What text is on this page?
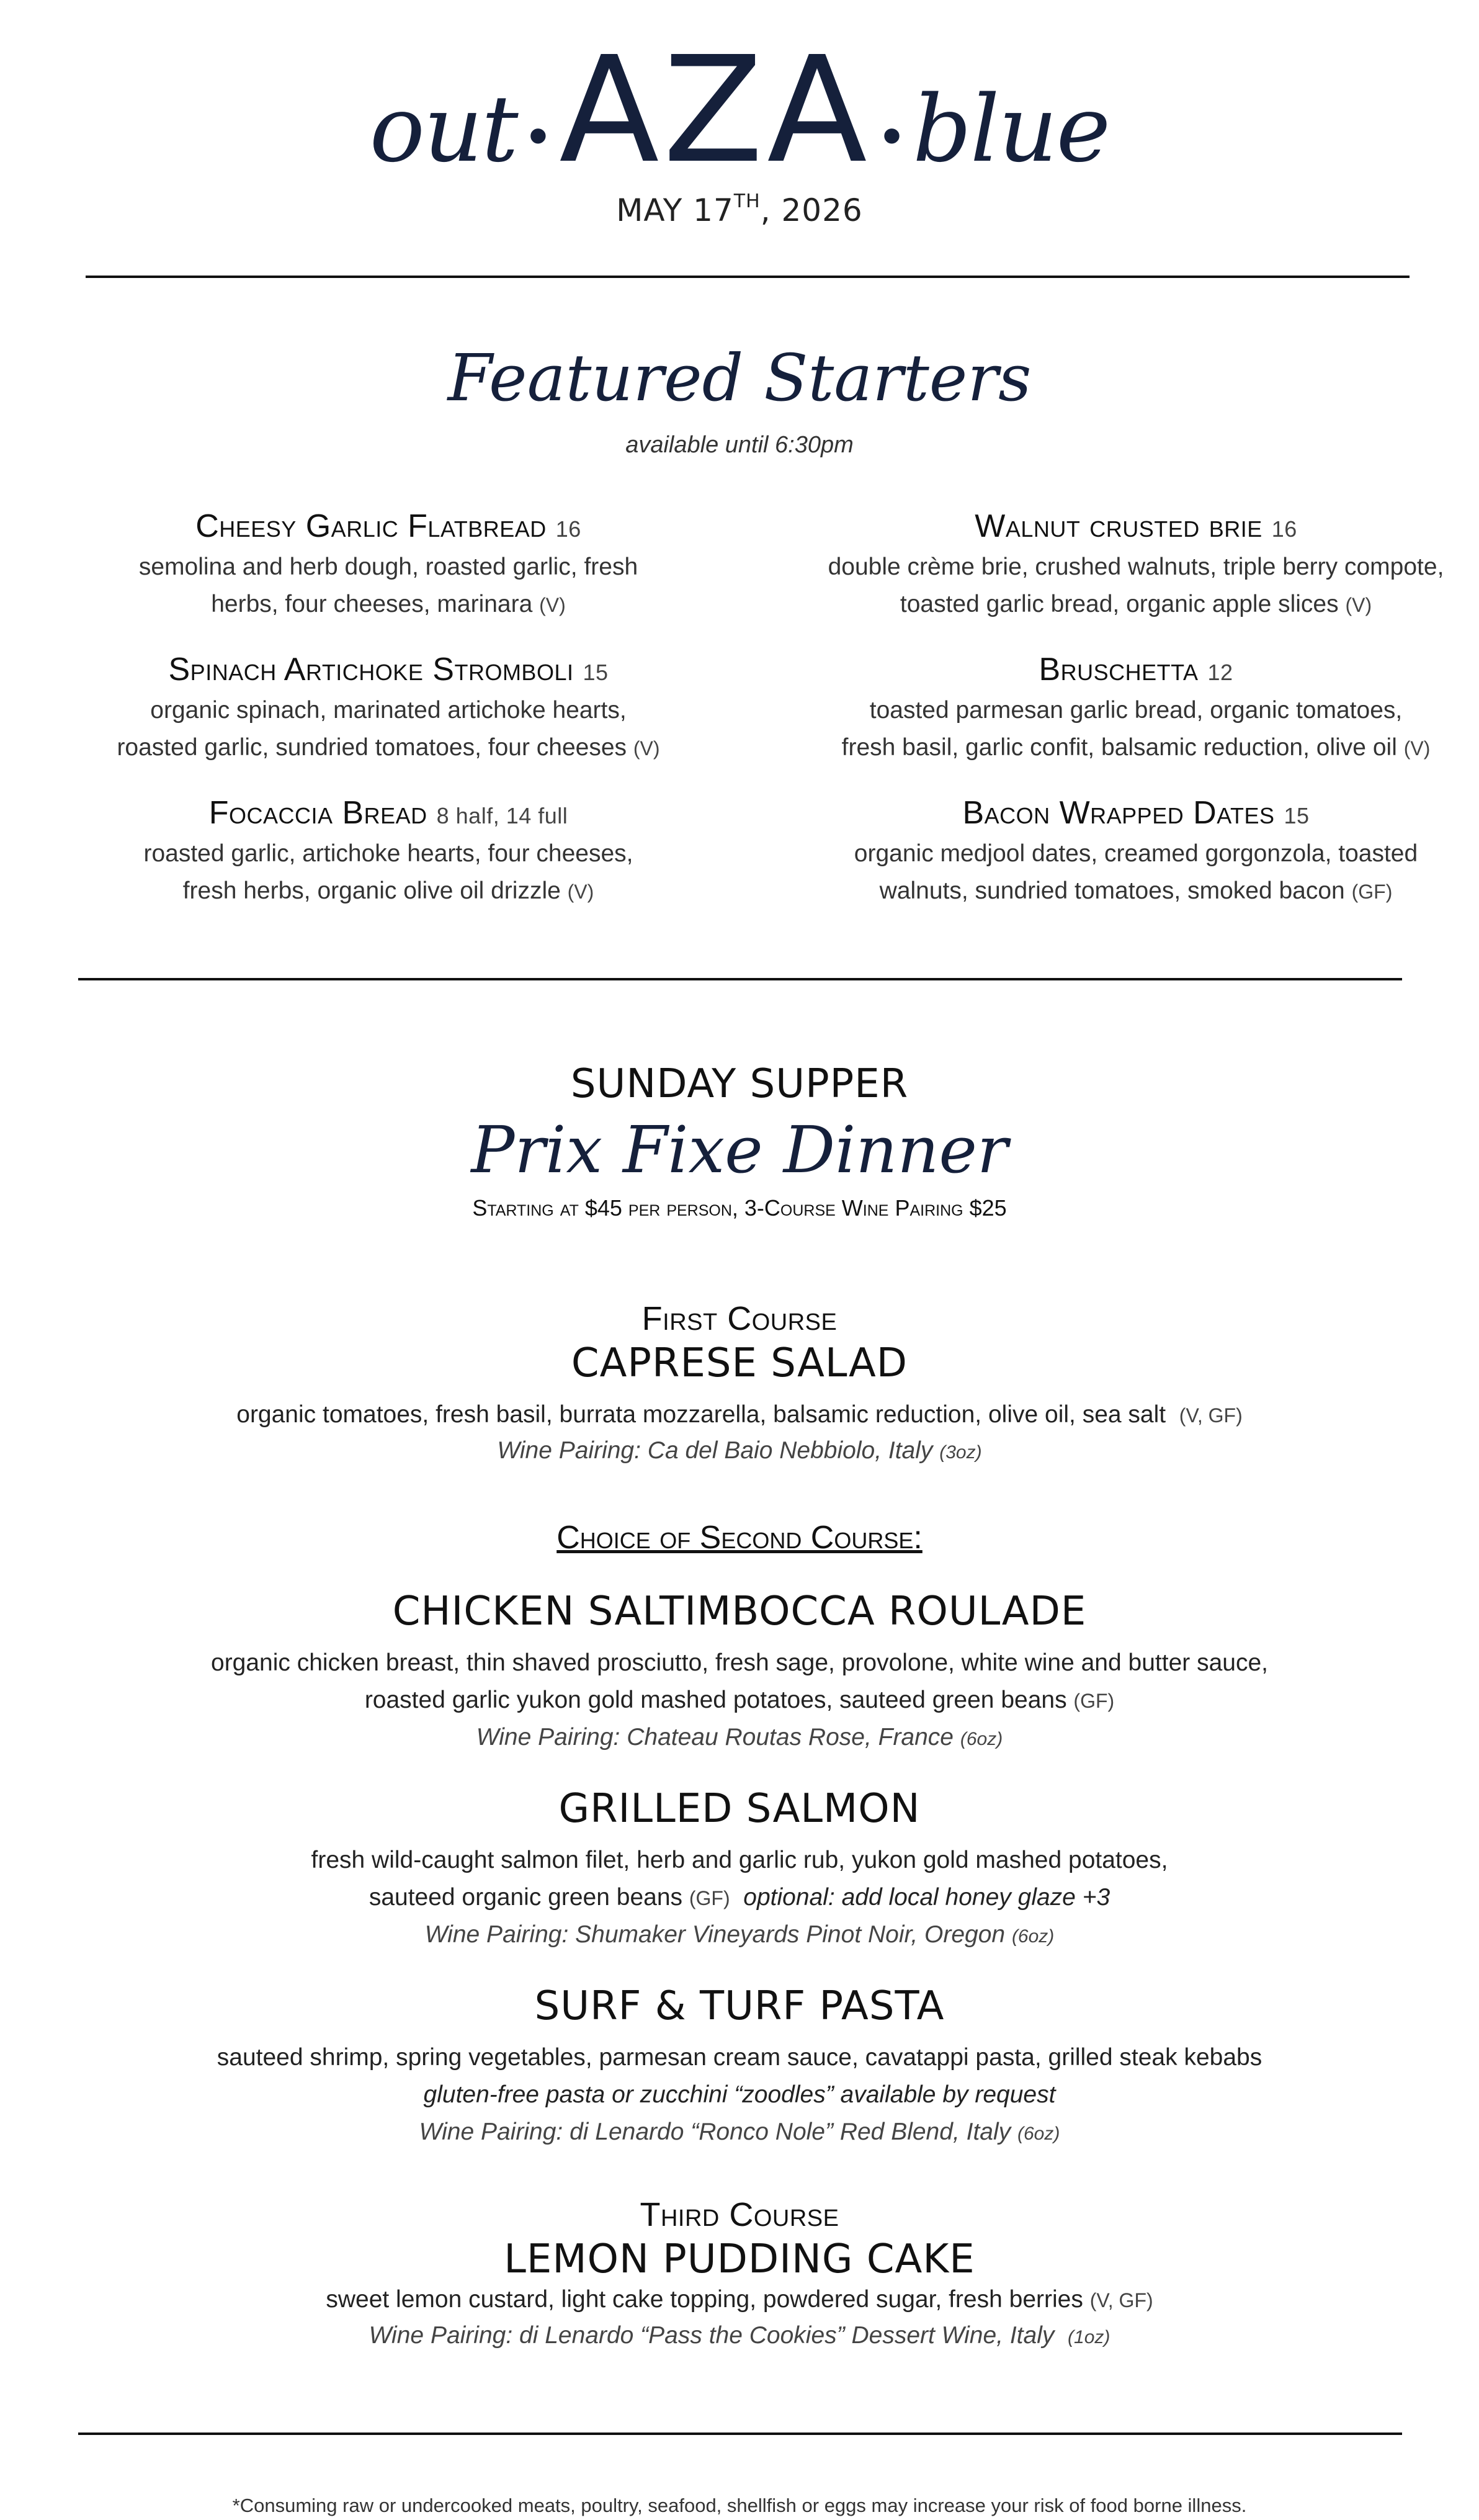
out •AZA • blue
MAY 17TH, 2026
Featured Starters
available until 6:30pm
Cheesy Garlic Flatbread 16
semolina and herb dough, roasted garlic, fresh
herbs, four cheeses, marinara (V)
Spinach Artichoke Stromboli 15
organic spinach, marinated artichoke hearts,
roasted garlic, sundried tomatoes, four cheeses (V)
Focaccia Bread 8 half, 14 full
roasted garlic, artichoke hearts, four cheeses,
fresh herbs, organic olive oil drizzle (V)
Walnut crusted brie 16
double crème brie, crushed walnuts, triple berry compote,
toasted garlic bread, organic apple slices (V)
Bruschetta 12
toasted parmesan garlic bread, organic tomatoes,
fresh basil, garlic confit, balsamic reduction, olive oil (V)
Bacon Wrapped Dates 15
organic medjool dates, creamed gorgonzola, toasted
walnuts, sundried tomatoes, smoked bacon (GF)
SUNDAY SUPPER
Prix Fixe Dinner
Starting at $45 per person, 3-Course Wine Pairing $25
First Course
CAPRESE SALAD
organic tomatoes, fresh basil, burrata mozzarella, balsamic reduction, olive oil, sea salt (V, GF)
Wine Pairing: Ca del Baio Nebbiolo, Italy (3oz)
Choice of Second Course:
CHICKEN SALTIMBOCCA ROULADE
organic chicken breast, thin shaved prosciutto, fresh sage, provolone, white wine and butter sauce,
roasted garlic yukon gold mashed potatoes, sauteed green beans (GF)
Wine Pairing: Chateau Routas Rose, France (6oz)
GRILLED SALMON
fresh wild-caught salmon filet, herb and garlic rub, yukon gold mashed potatoes,
sauteed organic green beans (GF) optional: add local honey glaze +3
Wine Pairing: Shumaker Vineyards Pinot Noir, Oregon (6oz)
SURF & TURF PASTA
sauteed shrimp, spring vegetables, parmesan cream sauce, cavatappi pasta, grilled steak kebabs
gluten-free pasta or zucchini “zoodles” available by request
Wine Pairing: di Lenardo “Ronco Nole” Red Blend, Italy (6oz)
Third Course
LEMON PUDDING CAKE
sweet lemon custard, light cake topping, powdered sugar, fresh berries (V, GF)
Wine Pairing: di Lenardo “Pass the Cookies” Dessert Wine, Italy (1oz)
*Consuming raw or undercooked meats, poultry, seafood, shellfish or eggs may increase your risk of food borne illness.
